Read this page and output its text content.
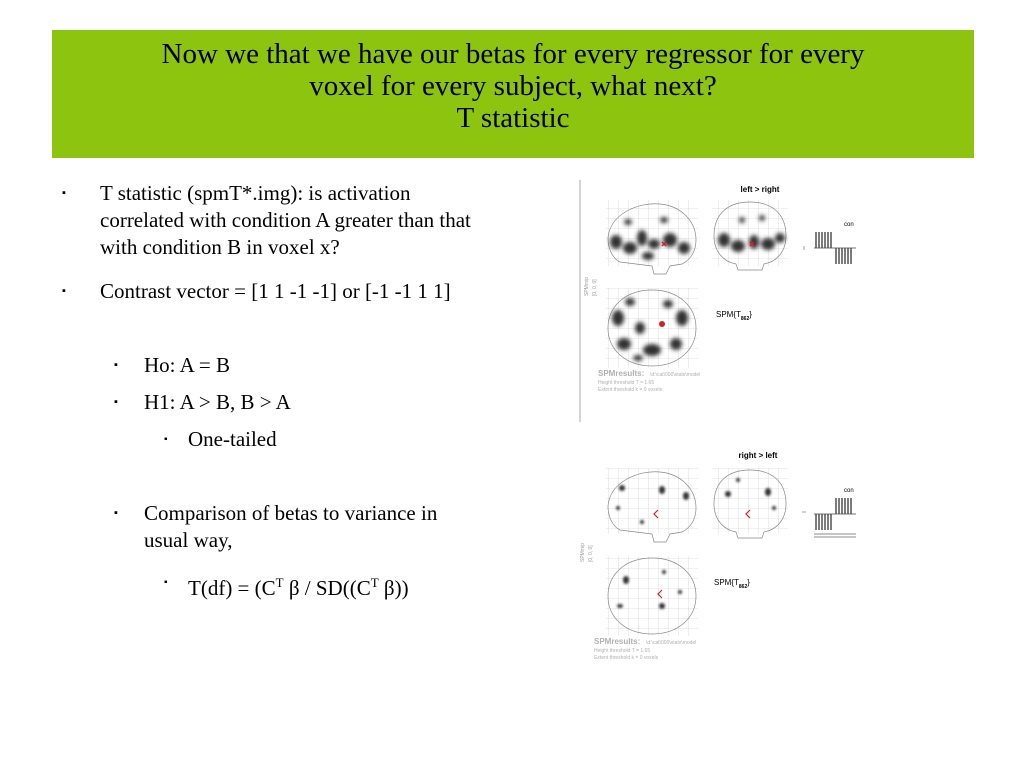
Now we that we have our betas for every regressor for every
voxel for every subject, what next?
T statistic
▪ T statistic (spmT*.img): is activation
correlated with condition A greater than that
with condition B in voxel x?
▪ Contrast vector = [1 1 -1 -1] or [-1 -1 1 1]
▪ Ho: A = B
▪ H1: A > B, B > A
▪ One-tailed
▪ Comparison of betas to variance in
usual way,
▪ $T(df) = (C^T$ β / $SD((C^T$ β))
left > right
con
SPMmip [0, 0, 0]
$SPM\{T_{862}\}$
SPMresults: \d:\cat\000\stats\model
Height threshold T = 1.65
Extent threshold k = 0 voxels
right > left
con
SPMmip [0, 0, 0]
$SPM\{T_{862}\}$
SPMresults: \d:\cat\000\stats\model
Height threshold T = 1.65
Extent threshold k = 0 voxels
